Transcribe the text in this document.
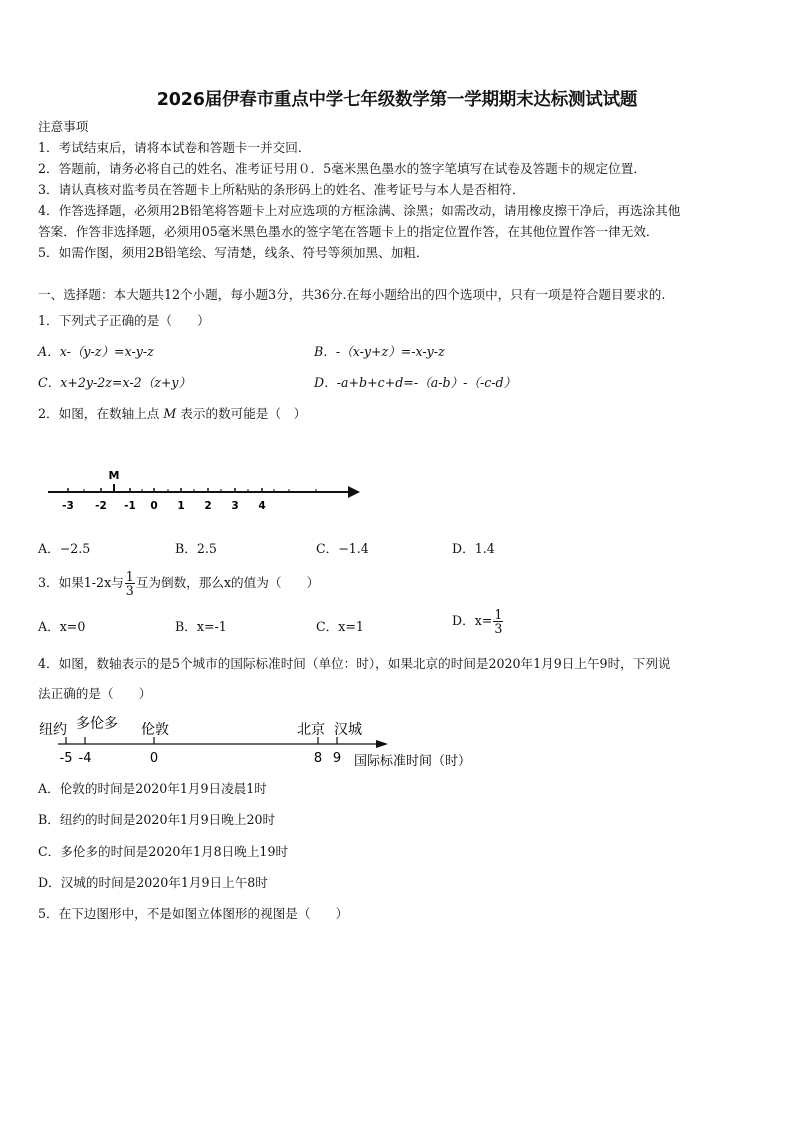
2026届伊春市重点中学七年级数学第一学期期末达标测试试题
注意事项
1．考试结束后，请将本试卷和答题卡一并交回．
2．答题前，请务必将自己的姓名、准考证号用０．5毫米黑色墨水的签字笔填写在试卷及答题卡的规定位置．
3．请认真核对监考员在答题卡上所粘贴的条形码上的姓名、准考证号与本人是否相符．
4．作答选择题，必须用2B铅笔将答题卡上对应选项的方框涂满、涂黑；如需改动，请用橡皮擦干净后，再选涂其他
答案．作答非选择题，必须用05毫米黑色墨水的签字笔在答题卡上的指定位置作答，在其他位置作答一律无效．
5．如需作图，须用2B铅笔绘、写清楚，线条、符号等须加黑、加粗．
一、选择题：本大题共12个小题，每小题3分，共36分.在每小题给出的四个选项中，只有一项是符合题目要求的.
1．下列式子正确的是（　　）
A．x-（y-z）=x-y-z	B．-（x-y+z）=-x-y-z
C．x+2y-2z=x-2（z+y）	D．-a+b+c+d=-（a-b）-（-c-d）
2．如图，在数轴上点 M 表示的数可能是（　）
-3 -2 -1 0 1 2 3 4
M
A．−2.5	B．2.5	C．−1.4	D．1.4
3．如果1-2x与 $\frac{1}{3}$ 互为倒数，那么x的值为（　　）
A．x=0	B．x=-1	C．x=1	D．$x= \frac{1}{3}$
4．如图，数轴表示的是5个城市的国际标准时间（单位：时），如果北京的时间是2020年1月9日上午9时，下列说
法正确的是（　　）
纽约
-5
多伦多
-4
伦敦
0
北京
8
汉城
9 国际标准时间（时）
A．伦敦的时间是2020年1月9日凌晨1时
B．纽约的时间是2020年1月9日晚上20时
C．多伦多的时间是2020年1月8日晚上19时
D．汉城的时间是2020年1月9日上午8时
5．在下边图形中，不是如图立体图形的视图是（　　）
